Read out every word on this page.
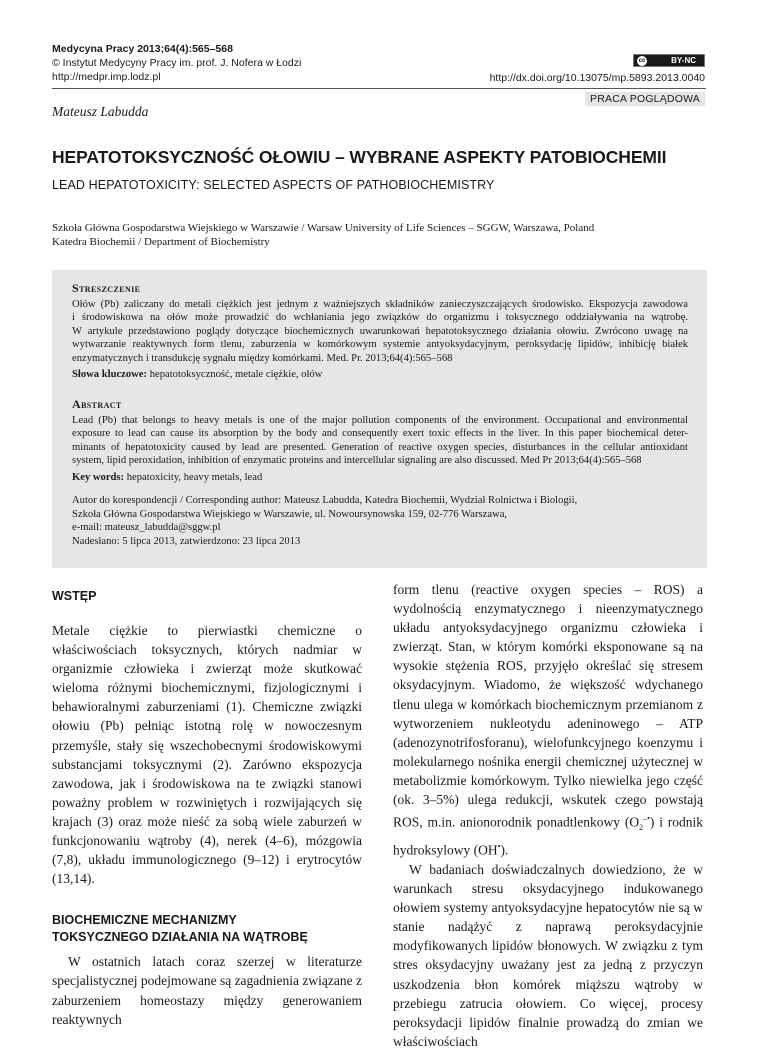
Medycyna Pracy 2013;64(4):565–568
© Instytut Medycyny Pracy im. prof. J. Nofera w Łodzi
http://medpr.imp.lodz.pl
cc	BY-NC
http://dx.doi.org/10.13075/mp.5893.2013.0040
PRACA POGLĄDOWA
Mateusz Labudda
HEPATOTOKSYCZNOŚĆ OŁOWIU – WYBRANE ASPEKTY PATOBIOCHEMII
LEAD HEPATOTOXICITY: SELECTED ASPECTS OF PATHOBIOCHEMISTRY
Szkoła Główna Gospodarstwa Wiejskiego w Warszawie / Warsaw University of Life Sciences – SGGW, Warszawa, Poland
Katedra Biochemii / Department of Biochemistry
Streszczenie

Ołów (Pb) zaliczany do metali ciężkich jest jednym z ważniejszych składników zanieczyszczających środowisko. Ekspozycja zawodowa

i środowiskowa na ołów może prowadzić do wchłaniania jego związków do organizmu i toksycznego oddziaływania na wątrobę.

W artykule przedstawiono poglądy dotyczące biochemicznych uwarunkowań hepatotoksycznego działania ołowiu. Zwrócono uwagę na

wytwarzanie reaktywnych form tlenu, zaburzenia w komórkowym systemie antyoksydacyjnym, peroksydację lipidów, inhibicję białek

enzymatycznych i transdukcję sygnału między komórkami. Med. Pr. 2013;64(4):565–568

Słowa kluczowe: hepatotoksyczność, metale ciężkie, ołów
Abstract

Lead (Pb) that belongs to heavy metals is one of the major pollution components of the environment. Occupational and environmental

exposure to lead can cause its absorption by the body and consequently exert toxic effects in the liver. In this paper biochemical deter-

minants of hepatotoxicity caused by lead are presented. Generation of reactive oxygen species, disturbances in the cellular antioxidant

system, lipid peroxidation, inhibition of enzymatic proteins and intercellular signaling are also discussed. Med Pr 2013;64(4):565–568

Key words: hepatoxicity, heavy metals, lead
Autor do korespondencji / Corresponding author: Mateusz Labudda, Katedra Biochemii, Wydział Rolnictwa i Biologii,
Szkoła Główna Gospodarstwa Wiejskiego w Warszawie, ul. Nowoursynowska 159, 02-776 Warszawa,
e-mail: mateusz_labudda@sggw.pl
Nadesłano: 5 lipca 2013, zatwierdzono: 23 lipca 2013

WSTĘP

Metale ciężkie to pierwiastki chemiczne o właściwościach toksycznych, których nadmiar w organizmie człowieka i zwierząt może skutkować wieloma różnymi biochemicznymi, fizjologicznymi i behawioralnymi zaburzeniami (1). Chemiczne związki ołowiu (Pb) pełniąc istotną rolę w nowoczesnym przemyśle, stały się wszechobecnymi środowiskowymi substancjami toksycznymi (2). Zarówno ekspozycja zawodowa, jak i środowiskowa na te związki stanowi poważny problem w rozwiniętych i rozwijających się krajach (3) oraz może nieść za sobą wiele zaburzeń w funkcjonowaniu wątroby (4), nerek (4–6), mózgowia (7,8), układu immunologicznego (9–12) i erytrocytów (13,14).

BIOCHEMICZNE MECHANIZMY

TOKSYCZNEGO DZIAŁANIA NA WĄTROBĘ

W ostatnich latach coraz szerzej w literaturze specjalistycznej podejmowane są zagadnienia związane z zaburzeniem homeostazy między generowaniem reaktywnych

form tlenu (reactive oxygen species – ROS) a wydolnością enzymatycznego i nieenzymatycznego układu antyoksydacyjnego organizmu człowieka i zwierząt. Stan, w którym komórki eksponowane są na wysokie stężenia ROS, przyjęło określać się stresem oksydacyjnym. Wiadomo, że większość wdychanego tlenu ulega w komórkach biochemicznym przemianom z wytworzeniem nukleotydu adeninowego – ATP (adenozynotrifosforanu), wielofunkcyjnego koenzymu i molekularnego nośnika energii chemicznej użytecznej w metabolizmie komórkowym. Tylko niewielka jego część (ok. 3–5%) ulega redukcji, wskutek czego powstają ROS, m.in. anionorodnik ponadtlenkowy $(O_2^{-•})$ i rodnik hydroksylowy (OH•).

W badaniach doświadczalnych dowiedziono, że w warunkach stresu oksydacyjnego indukowanego ołowiem systemy antyoksydacyjne hepatocytów nie są w stanie nadążyć z naprawą peroksydacyjnie modyfikowanych lipidów błonowych. W związku z tym stres oksydacyjny uważany jest za jedną z przyczyn uszkodzenia błon komórek miąższu wątroby w przebiegu zatrucia ołowiem. Co więcej, procesy peroksydacji lipidów finalnie prowadzą do zmian we właściwościach
